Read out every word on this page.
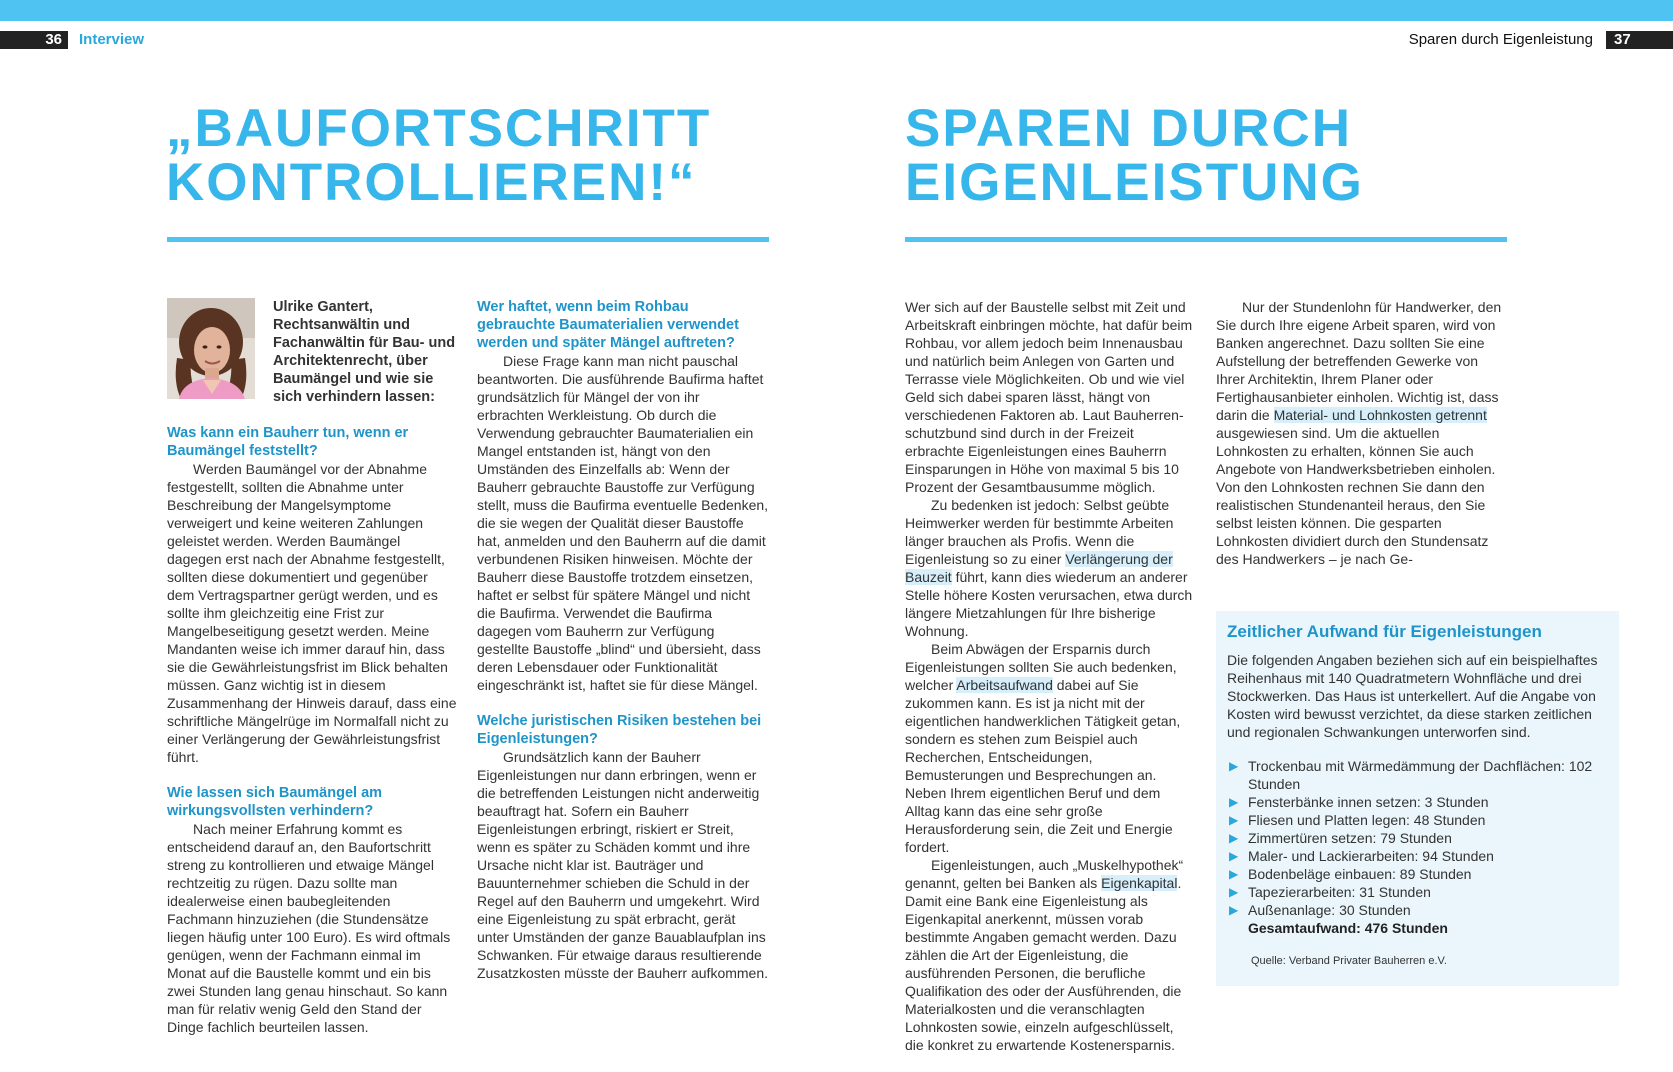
36	Interview	Sparen durch Eigenleistung	37
„BAUFORTSCHRITT
KONTROLLIEREN!“
SPAREN DURCH
EIGENLEISTUNG
Ulrike Gantert, Rechtsanwältin und Fachanwältin für Bau- und Architektenrecht, über Baumängel und wie sie sich verhindern lassen:

Was kann ein Bauherr tun, wenn er Baumängel feststellt?

Werden Baumängel vor der Abnahme festgestellt, sollten die Abnahme unter Beschreibung der Mangelsymptome verweigert und keine weiteren Zahlungen geleistet werden. Werden Baumängel dagegen erst nach der Abnahme festgestellt, sollten diese dokumentiert und gegenüber dem Vertragspartner gerügt werden, und es sollte ihm gleichzeitig eine Frist zur Mangelbeseitigung gesetzt werden. Meine Mandanten weise ich immer darauf hin, dass sie die Gewährleistungsfrist im Blick behalten müssen. Ganz wichtig ist in diesem Zusammenhang der Hinweis darauf, dass eine schriftliche Mängelrüge im Normalfall nicht zu einer Verlängerung der Gewährleistungsfrist führt.

Wie lassen sich Baumängel am wirkungsvollsten verhindern?

Nach meiner Erfahrung kommt es entscheidend darauf an, den Baufortschritt streng zu kontrollieren und etwaige Mängel rechtzeitig zu rügen. Dazu sollte man idealerweise einen baubegleitenden Fachmann hinzuziehen (die Stundensätze liegen häufig unter 100 Euro). Es wird oftmals genügen, wenn der Fachmann einmal im Monat auf die Baustelle kommt und ein bis zwei Stunden lang genau hinschaut. So kann man für relativ wenig Geld den Stand der Dinge fachlich beurteilen lassen.

Wer haftet, wenn beim Rohbau gebrauchte Baumaterialien verwendet werden und später Mängel auftreten?

Diese Frage kann man nicht pauschal beantworten. Die ausführende Baufirma haftet grundsätzlich für Mängel der von ihr erbrachten Werkleistung. Ob durch die Verwendung gebrauchter Baumaterialien ein Mangel entstanden ist, hängt von den Umständen des Einzelfalls ab: Wenn der Bauherr gebrauchte Baustoffe zur Verfügung stellt, muss die Baufirma eventuelle Bedenken, die sie wegen der Qualität dieser Baustoffe hat, anmelden und den Bauherrn auf die damit verbundenen Risiken hinweisen. Möchte der Bauherr diese Baustoffe trotzdem einsetzen, haftet er selbst für spätere Mängel und nicht die Baufirma. Verwendet die Baufirma dagegen vom Bauherrn zur Verfügung gestellte Baustoffe „blind“ und übersieht, dass deren Lebensdauer oder Funktionalität eingeschränkt ist, haftet sie für diese Mängel.

Welche juristischen Risiken bestehen bei Eigenleistungen?

Grundsätzlich kann der Bauherr Eigenleistungen nur dann erbringen, wenn er die betreffenden Leistungen nicht anderweitig beauftragt hat. Sofern ein Bauherr Eigenleistungen erbringt, riskiert er Streit, wenn es später zu Schäden kommt und ihre Ursache nicht klar ist. Bauträger und Bauunternehmer schieben die Schuld in der Regel auf den Bauherrn und umgekehrt. Wird eine Eigenleistung zu spät erbracht, gerät unter Umständen der ganze Bauablaufplan ins Schwanken. Für etwaige daraus resultierende Zusatzkosten müsste der Bauherr aufkommen.

Wer sich auf der Baustelle selbst mit Zeit und Arbeitskraft einbringen möchte, hat dafür beim Rohbau, vor allem jedoch beim Innenausbau und natürlich beim Anlegen von Garten und Terrasse viele Möglichkeiten. Ob und wie viel Geld sich dabei sparen lässt, hängt von verschiedenen Faktoren ab. Laut Bauherren-schutzbund sind durch in der Freizeit erbrachte Eigenleistungen eines Bauherrn Einsparungen in Höhe von maximal 5 bis 10 Prozent der Gesamtbausumme möglich.

Zu bedenken ist jedoch: Selbst geübte Heimwerker werden für bestimmte Arbeiten länger brauchen als Profis. Wenn die Eigenleistung so zu einer Verlängerung der Bauzeit führt, kann dies wiederum an anderer Stelle höhere Kosten verursachen, etwa durch längere Mietzahlungen für Ihre bisherige Wohnung.

Beim Abwägen der Ersparnis durch Eigenleistungen sollten Sie auch bedenken, welcher Arbeitsaufwand dabei auf Sie zukommen kann. Es ist ja nicht mit der eigentlichen handwerklichen Tätigkeit getan, sondern es stehen zum Beispiel auch Recherchen, Entscheidungen, Bemusterungen und Besprechungen an. Neben Ihrem eigentlichen Beruf und dem Alltag kann das eine sehr große Herausforderung sein, die Zeit und Energie fordert.

Eigenleistungen, auch „Muskelhypothek“ genannt, gelten bei Banken als Eigenkapital. Damit eine Bank eine Eigenleistung als Eigenkapital anerkennt, müssen vorab bestimmte Angaben gemacht werden. Dazu zählen die Art der Eigenleistung, die ausführenden Personen, die berufliche Qualifikation des oder der Ausführenden, die Materialkosten und die veranschlagten Lohnkosten sowie, einzeln aufgeschlüsselt, die konkret zu erwartende Kostenersparnis.

Nur der Stundenlohn für Handwerker, den Sie durch Ihre eigene Arbeit sparen, wird von Banken angerechnet. Dazu sollten Sie eine Aufstellung der betreffenden Gewerke von Ihrer Architektin, Ihrem Planer oder Fertighausanbieter einholen. Wichtig ist, dass darin die Material- und Lohnkosten getrennt ausgewiesen sind. Um die aktuellen Lohnkosten zu erhalten, können Sie auch Angebote von Handwerksbetrieben einholen. Von den Lohnkosten rechnen Sie dann den realistischen Stundenanteil heraus, den Sie selbst leisten können. Die gesparten Lohnkosten dividiert durch den Stundensatz des Handwerkers – je nach Ge-

Zeitlicher Aufwand für Eigenleistungen

Die folgenden Angaben beziehen sich auf ein beispielhaftes Reihenhaus mit 140 Quadratmetern Wohnfläche und drei Stockwerken. Das Haus ist unterkellert. Auf die Angabe von Kosten wird bewusst verzichtet, da diese starken zeitlichen und regionalen Schwankungen unterworfen sind.

▶ Trockenbau mit Wärmedämmung der Dachflächen: 102 Stunden
▶ Fensterbänke innen setzen: 3 Stunden
▶ Fliesen und Platten legen: 48 Stunden
▶ Zimmertüren setzen: 79 Stunden
▶ Maler- und Lackierarbeiten: 94 Stunden
▶ Bodenbeläge einbauen: 89 Stunden
▶ Tapezierarbeiten: 31 Stunden
▶ Außenanlage: 30 Stunden
Gesamtaufwand: 476 Stunden
Quelle: Verband Privater Bauherren e.V.
